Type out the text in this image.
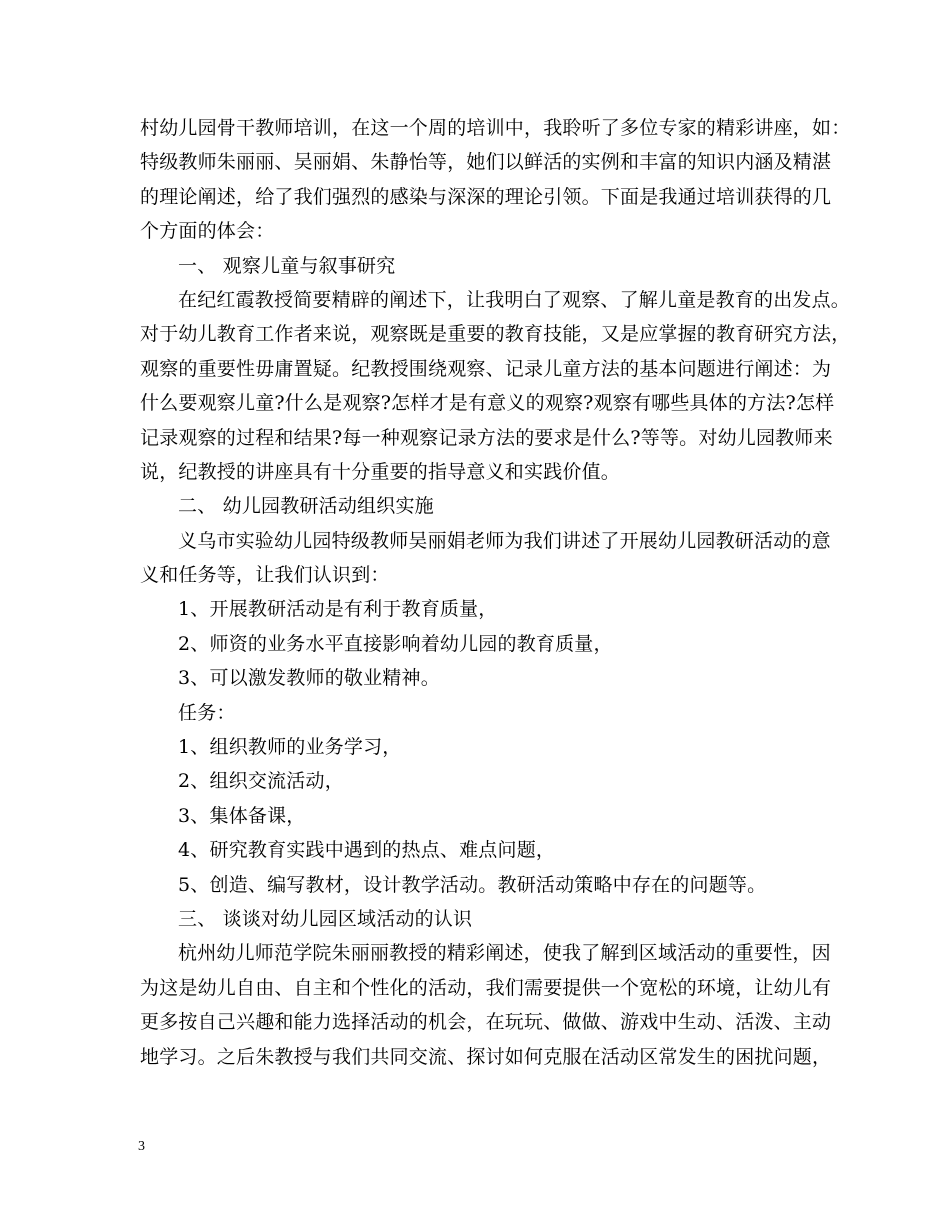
村幼儿园骨干教师培训，在这一个周的培训中，我聆听了多位专家的精彩讲座，如：
特级教师朱丽丽、吴丽娟、朱静怡等，她们以鲜活的实例和丰富的知识内涵及精湛
的理论阐述，给了我们强烈的感染与深深的理论引领。下面是我通过培训获得的几
个方面的体会：
一、 观察儿童与叙事研究
在纪红霞教授简要精辟的阐述下，让我明白了观察、了解儿童是教育的出发点。
对于幼儿教育工作者来说，观察既是重要的教育技能，又是应掌握的教育研究方法，
观察的重要性毋庸置疑。纪教授围绕观察、记录儿童方法的基本问题进行阐述：为
什么要观察儿童?什么是观察?怎样才是有意义的观察?观察有哪些具体的方法?怎样
记录观察的过程和结果?每一种观察记录方法的要求是什么?等等。对幼儿园教师来
说，纪教授的讲座具有十分重要的指导意义和实践价值。
二、 幼儿园教研活动组织实施
义乌市实验幼儿园特级教师吴丽娟老师为我们讲述了开展幼儿园教研活动的意
义和任务等，让我们认识到：
1、开展教研活动是有利于教育质量，
2、师资的业务水平直接影响着幼儿园的教育质量，
3、可以激发教师的敬业精神。
任务：
1、组织教师的业务学习，
2、组织交流活动，
3、集体备课，
4、研究教育实践中遇到的热点、难点问题，
5、创造、编写教材，设计教学活动。教研活动策略中存在的问题等。
三、 谈谈对幼儿园区域活动的认识
杭州幼儿师范学院朱丽丽教授的精彩阐述，使我了解到区域活动的重要性，因
为这是幼儿自由、自主和个性化的活动，我们需要提供一个宽松的环境，让幼儿有
更多按自己兴趣和能力选择活动的机会，在玩玩、做做、游戏中生动、活泼、主动
地学习。之后朱教授与我们共同交流、探讨如何克服在活动区常发生的困扰问题，
3
